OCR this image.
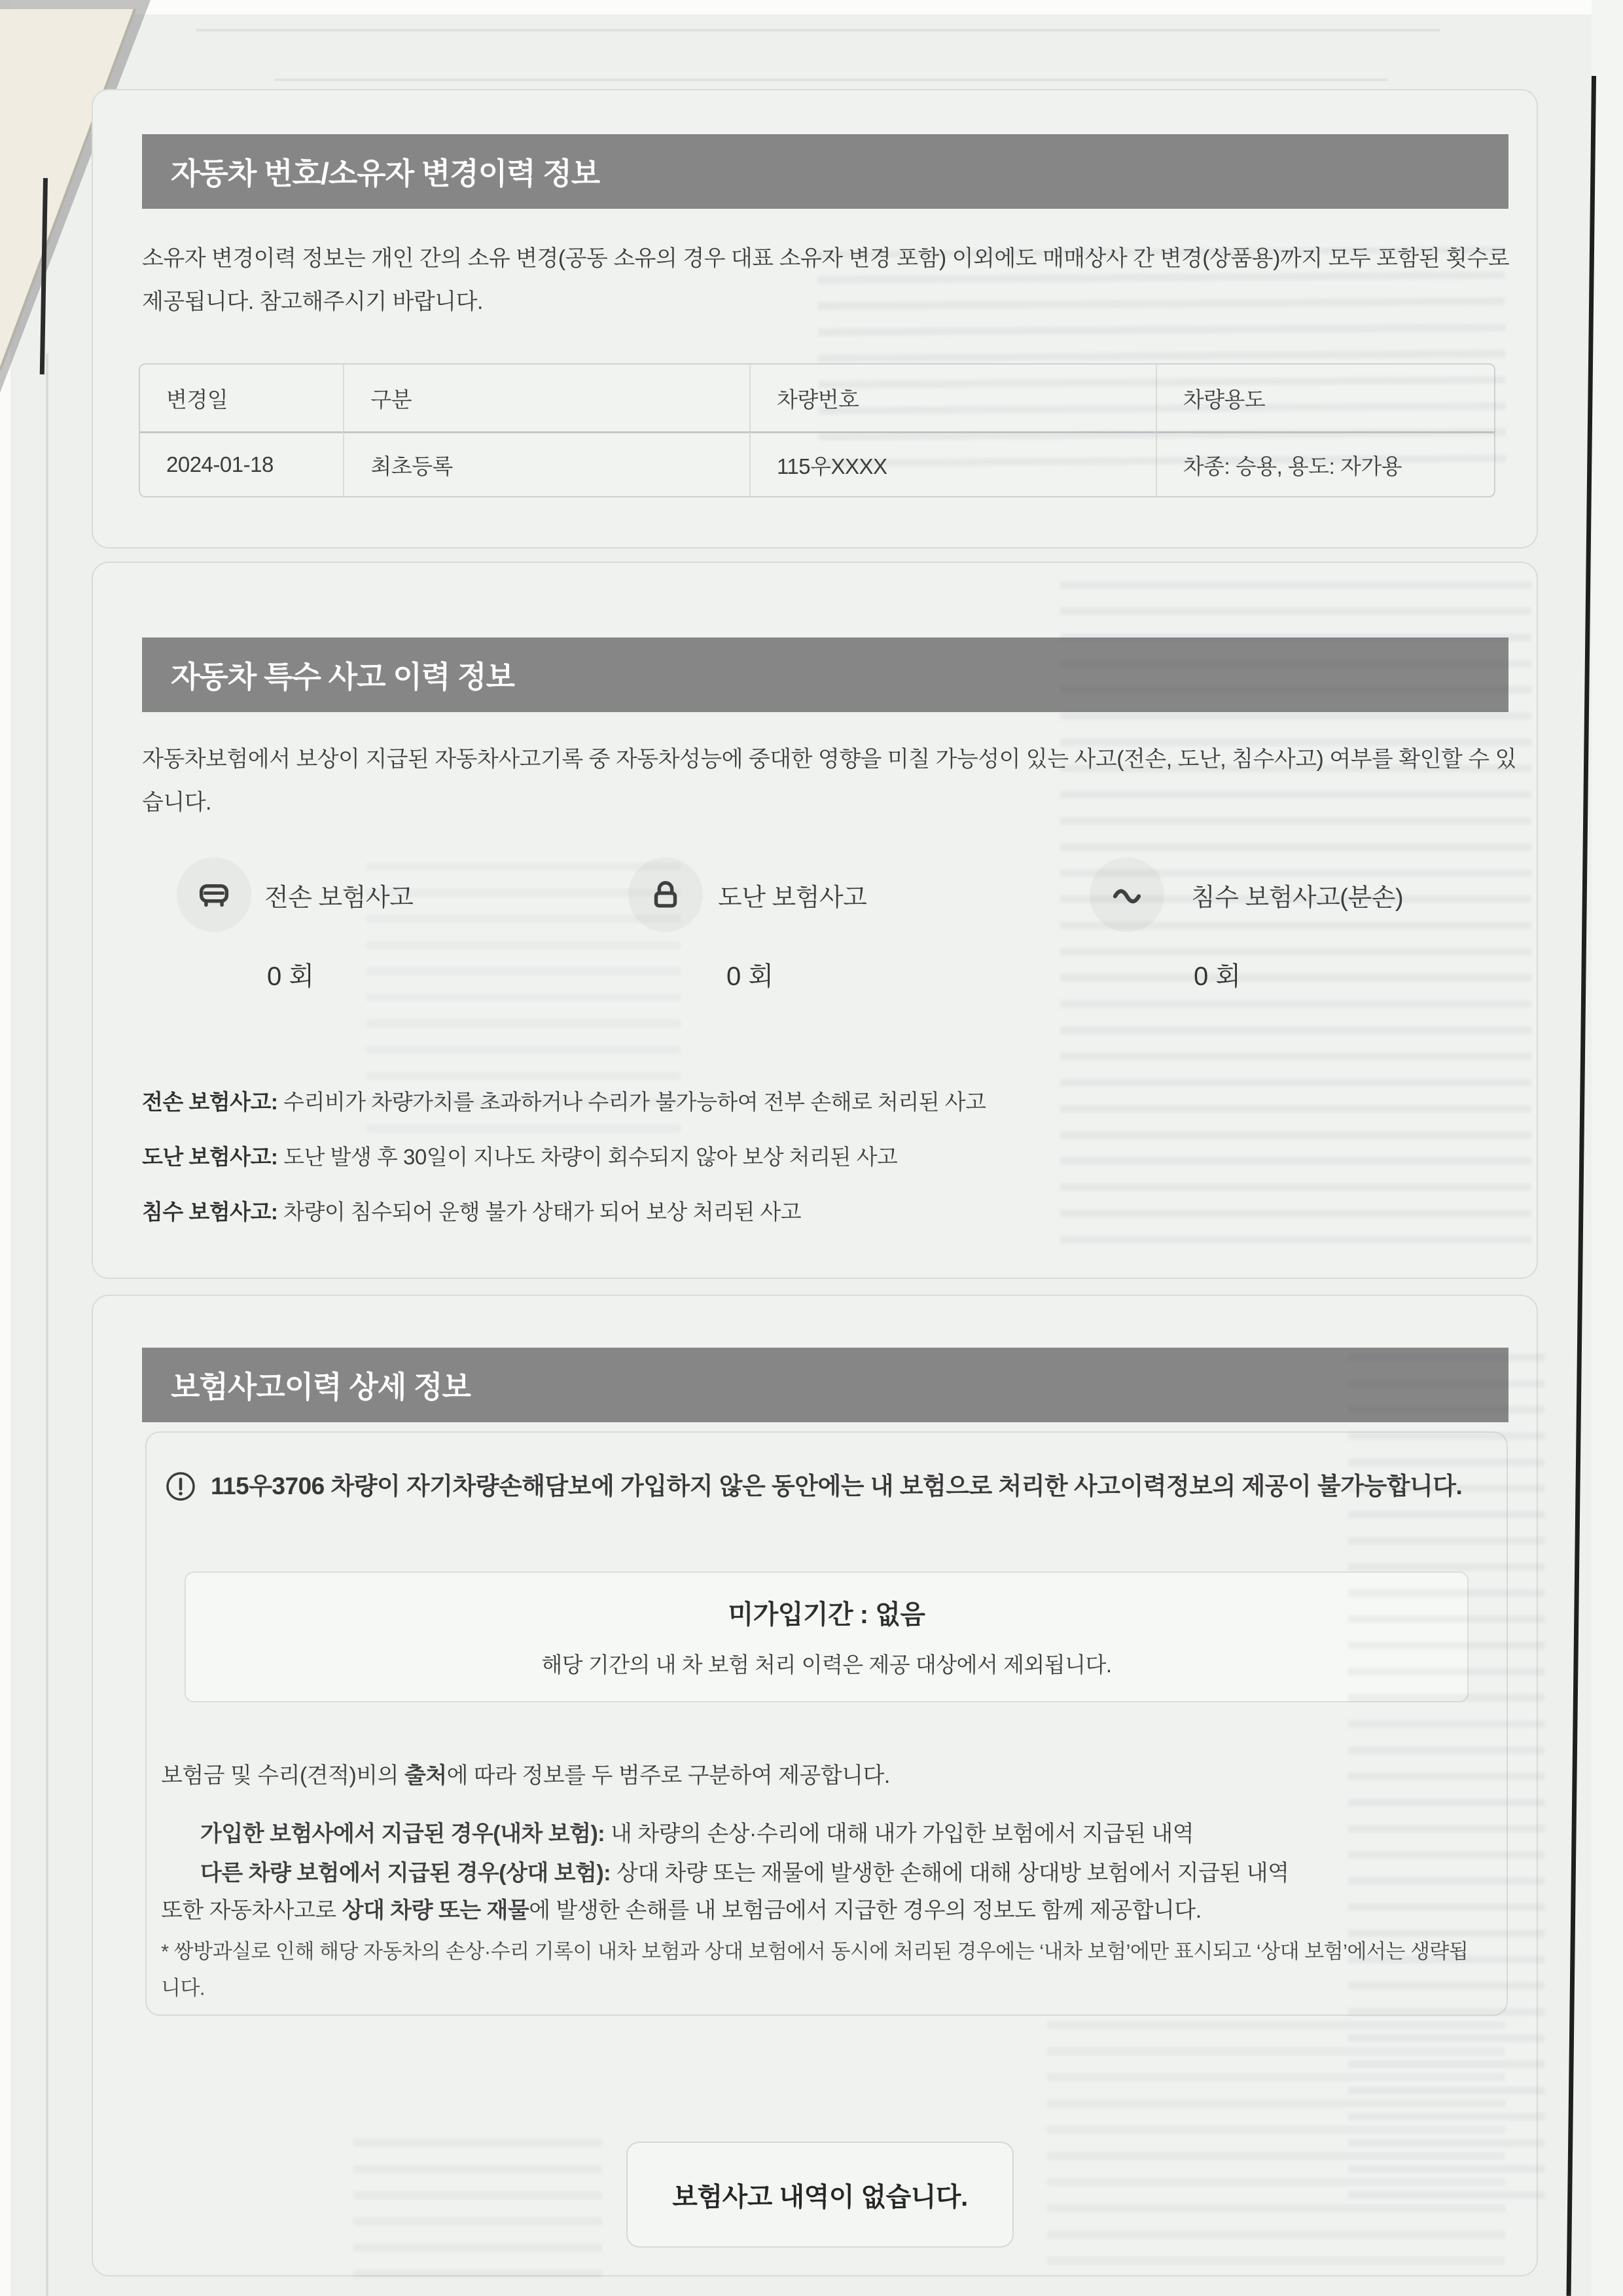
자동차 번호/소유자 변경이력 정보
소유자 변경이력 정보는 개인 간의 소유 변경(공동 소유의 경우 대표 소유자 변경 포함) 이외에도 매매상사 간 변경(상품용)까지 모두 포함된 횟수로 제공됩니다. 참고해주시기 바랍니다.
변경일	구분	차량번호	차량용도
2024-01-18	최초등록	115우XXXX	차종: 승용, 용도: 자가용
자동차 특수 사고 이력 정보
자동차보험에서 보상이 지급된 자동차사고기록 중 자동차성능에 중대한 영향을 미칠 가능성이 있는 사고(전손, 도난, 침수사고) 여부를 확인할 수 있습니다.
전손 보험사고
0 회
도난 보험사고
0 회
침수 보험사고(분손)
0 회
전손 보험사고: 수리비가 차량가치를 초과하거나 수리가 불가능하여 전부 손해로 처리된 사고
도난 보험사고: 도난 발생 후 30일이 지나도 차량이 회수되지 않아 보상 처리된 사고
침수 보험사고: 차량이 침수되어 운행 불가 상태가 되어 보상 처리된 사고
보험사고이력 상세 정보
115우3706 차량이 자기차량손해담보에 가입하지 않은 동안에는 내 보험으로 처리한 사고이력정보의 제공이 불가능합니다.
미가입기간 : 없음
해당 기간의 내 차 보험 처리 이력은 제공 대상에서 제외됩니다.
보험금 및 수리(견적)비의 출처에 따라 정보를 두 범주로 구분하여 제공합니다.
가입한 보험사에서 지급된 경우(내차 보험): 내 차량의 손상·수리에 대해 내가 가입한 보험에서 지급된 내역
다른 차량 보험에서 지급된 경우(상대 보험): 상대 차량 또는 재물에 발생한 손해에 대해 상대방 보험에서 지급된 내역
또한 자동차사고로 상대 차량 또는 재물에 발생한 손해를 내 보험금에서 지급한 경우의 정보도 함께 제공합니다.
* 쌍방과실로 인해 해당 자동차의 손상·수리 기록이 내차 보험과 상대 보험에서 동시에 처리된 경우에는 ‘내차 보험’에만 표시되고 ‘상대 보험’에서는 생략됩니다.
보험사고 내역이 없습니다.
